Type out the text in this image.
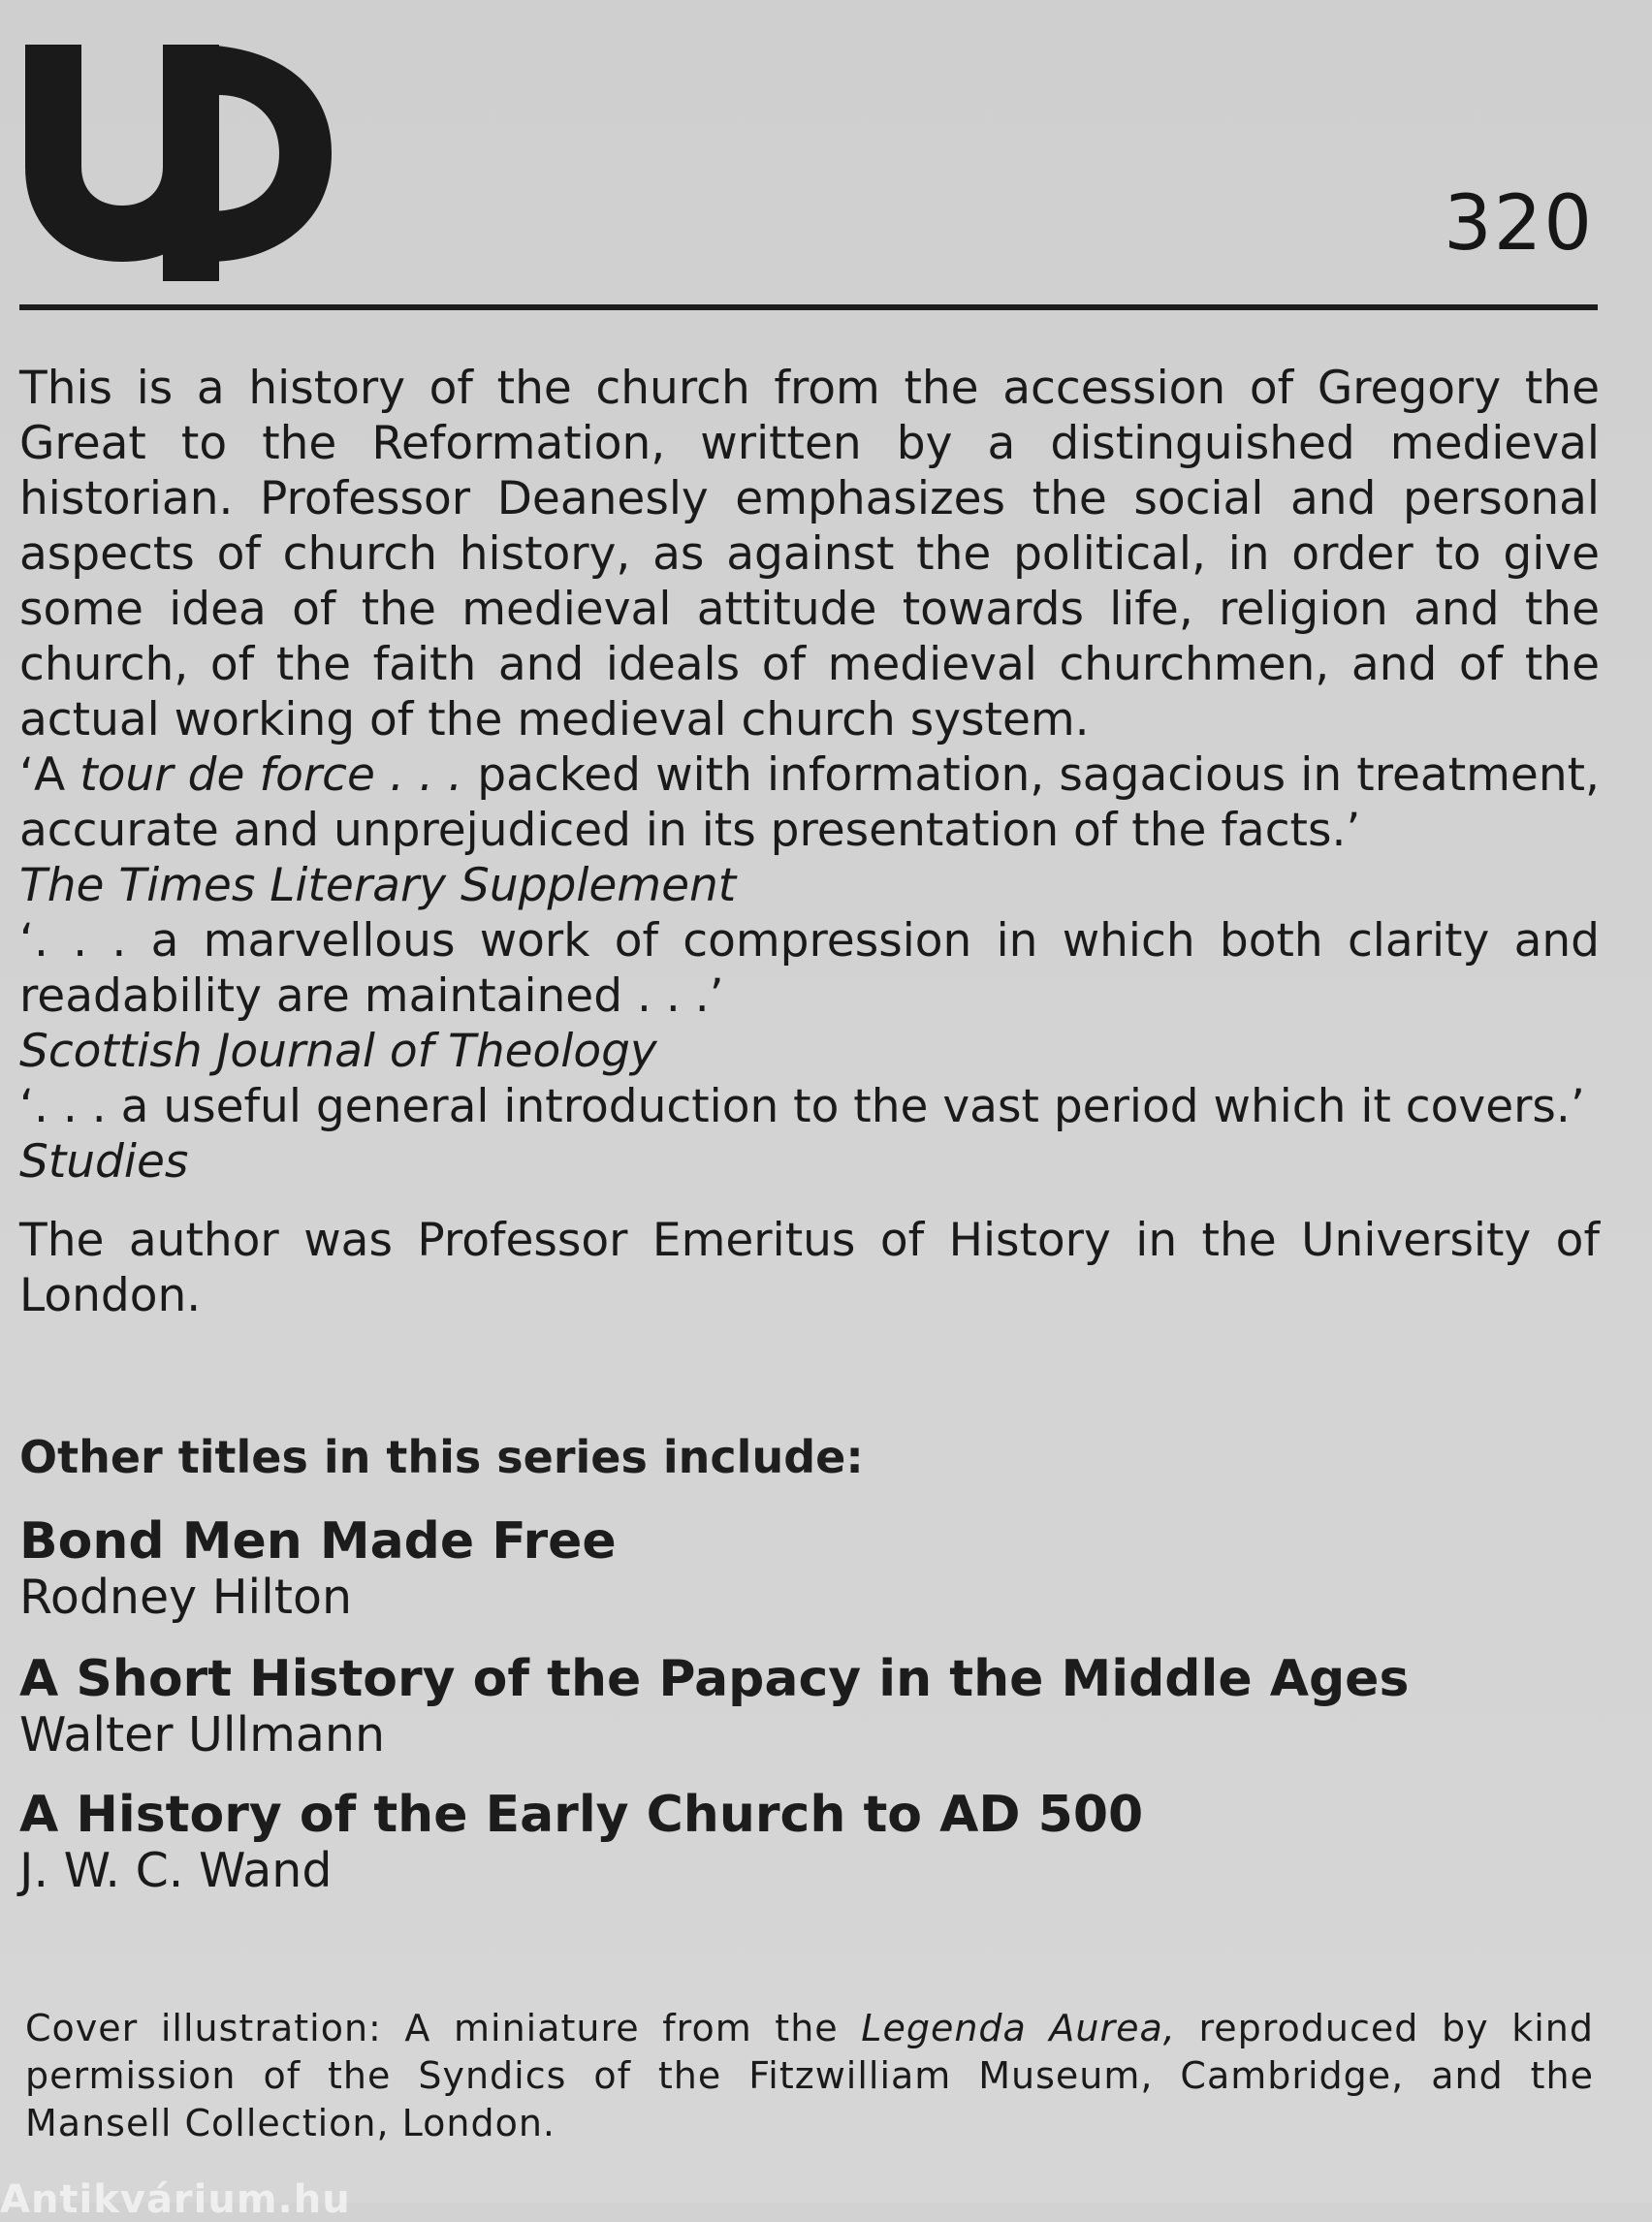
320

This is a history of the church from the accession of Gregory the Great to the Reformation, written by a distinguished medieval historian. Professor Deanesly emphasizes the social and personal aspects of church history, as against the political, in order to give some idea of the medieval attitude towards life, religion and the church, of the faith and ideals of medieval churchmen, and of the actual working of the medieval church system.

‘A tour de force . . . packed with information, sagacious in treatment, accurate and unprejudiced in its presentation of the facts.’

The Times Literary Supplement

‘. . . a marvellous work of compression in which both clarity and readability are maintained . . .’

Scottish Journal of Theology

‘. . . a useful general introduction to the vast period which it covers.’

Studies

The author was Professor Emeritus of History in the University of London.

Other titles in this series include:
Bond Men Made Free
Rodney Hilton
A Short History of the Papacy in the Middle Ages
Walter Ullmann
A History of the Early Church to AD 500
J. W. C. Wand
Cover illustration: A miniature from the Legenda Aurea, reproduced by kind permission of the Syndics of the Fitzwilliam Museum, Cambridge, and the Mansell Collection, London.
Antikvárium.hu
